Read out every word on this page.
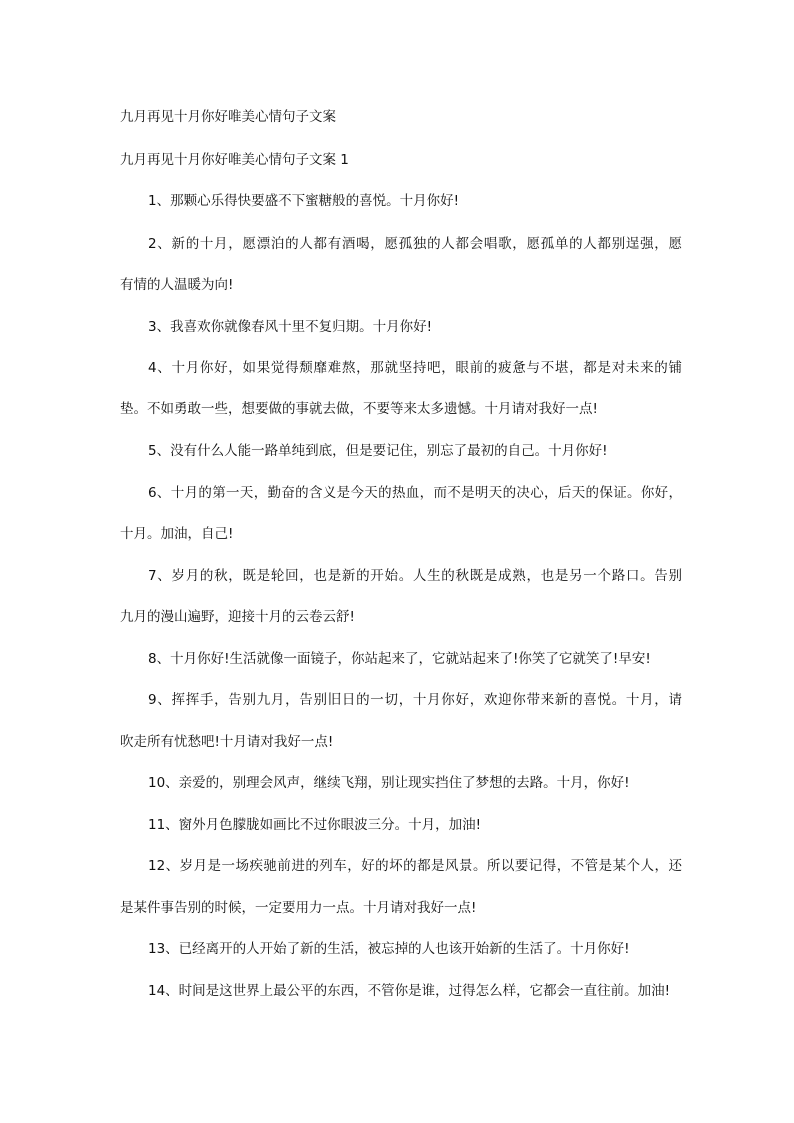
九月再见十月你好唯美心情句子文案
九月再见十月你好唯美心情句子文案 1
1、那颗心乐得快要盛不下蜜糖般的喜悦。十月你好!
2、新的十月，愿漂泊的人都有酒喝，愿孤独的人都会唱歌，愿孤单的人都别逞强，愿
有情的人温暖为向!
3、我喜欢你就像春风十里不复归期。十月你好!
4、十月你好，如果觉得颓靡难熬，那就坚持吧，眼前的疲惫与不堪，都是对未来的铺
垫。不如勇敢一些，想要做的事就去做，不要等来太多遗憾。十月请对我好一点!
5、没有什么人能一路单纯到底，但是要记住，别忘了最初的自己。十月你好!
6、十月的第一天，勤奋的含义是今天的热血，而不是明天的决心，后天的保证。你好，
十月。加油，自己!
7、岁月的秋，既是轮回，也是新的开始。人生的秋既是成熟，也是另一个路口。告别
九月的漫山遍野，迎接十月的云卷云舒!
8、十月你好!生活就像一面镜子，你站起来了，它就站起来了!你笑了它就笑了!早安!
9、挥挥手，告别九月，告别旧日的一切，十月你好，欢迎你带来新的喜悦。十月，请
吹走所有忧愁吧!十月请对我好一点!
10、亲爱的，别理会风声，继续飞翔，别让现实挡住了梦想的去路。十月，你好!
11、窗外月色朦胧如画比不过你眼波三分。十月，加油!
12、岁月是一场疾驰前进的列车，好的坏的都是风景。所以要记得，不管是某个人，还
是某件事告别的时候，一定要用力一点。十月请对我好一点!
13、已经离开的人开始了新的生活，被忘掉的人也该开始新的生活了。十月你好!
14、时间是这世界上最公平的东西，不管你是谁，过得怎么样，它都会一直往前。加油!
